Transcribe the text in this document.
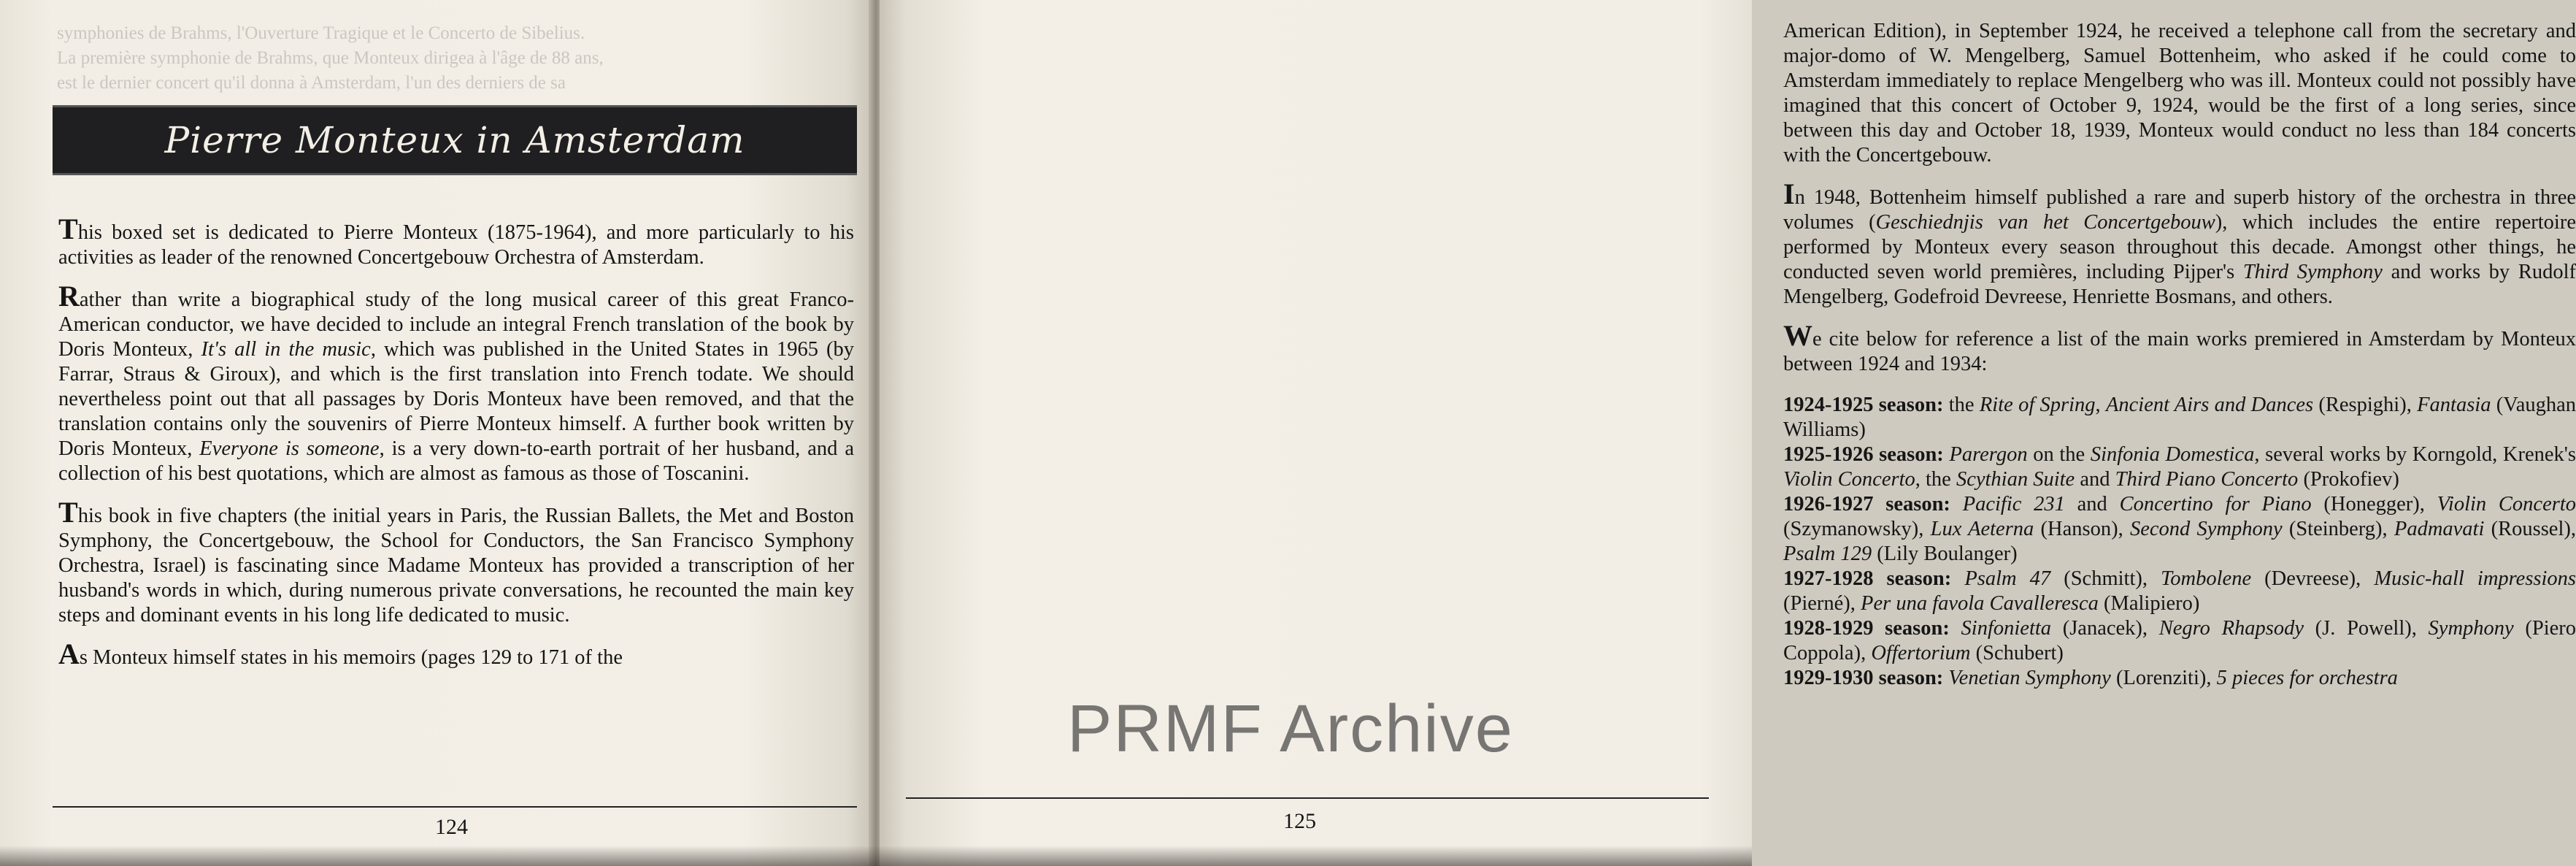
symphonies de Brahms, l'Ouverture Tragique et le Concerto de Sibelius.
La première symphonie de Brahms, que Monteux dirigea à l'âge de 88 ans,
est le dernier concert qu'il donna à Amsterdam, l'un des derniers de sa
Pierre Monteux in Amsterdam

This boxed set is dedicated to Pierre Monteux (1875-1964), and more particularly to his activities as leader of the renowned Concertgebouw Orchestra of Amsterdam.

Rather than write a biographical study of the long musical career of this great Franco-American conductor, we have decided to include an integral French translation of the book by Doris Monteux, It's all in the music, which was published in the United States in 1965 (by Farrar, Straus & Giroux), and which is the first translation into French todate. We should nevertheless point out that all passages by Doris Monteux have been removed, and that the translation contains only the souvenirs of Pierre Monteux himself. A further book written by Doris Monteux, Everyone is someone, is a very down-to-earth portrait of her husband, and a collection of his best quotations, which are almost as famous as those of Toscanini.

This book in five chapters (the initial years in Paris, the Russian Ballets, the Met and Boston Symphony, the Concertgebouw, the School for Conductors, the San Francisco Symphony Orchestra, Israel) is fascinating since Madame Monteux has provided a transcription of her husband's words in which, during numerous private conversations, he recounted the main key steps and dominant events in his long life dedicated to music.

As Monteux himself states in his memoirs (pages 129 to 171 of the

124

American Edition), in September 1924, he received a telephone call from the secretary and major-domo of W. Mengelberg, Samuel Bottenheim, who asked if he could come to Amsterdam immediately to replace Mengelberg who was ill. Monteux could not possibly have imagined that this concert of October 9, 1924, would be the first of a long series, since between this day and October 18, 1939, Monteux would conduct no less than 184 concerts with the Concertgebouw.

In 1948, Bottenheim himself published a rare and superb history of the orchestra in three volumes (Geschiednjis van het Concertgebouw), which includes the entire repertoire performed by Monteux every season throughout this decade. Amongst other things, he conducted seven world premières, including Pijper's Third Symphony and works by Rudolf Mengelberg, Godefroid Devreese, Henriette Bosmans, and others.

We cite below for reference a list of the main works premiered in Amsterdam by Monteux between 1924 and 1934:

1924-1925 season: the Rite of Spring, Ancient Airs and Dances (Respighi), Fantasia (Vaughan Williams)

1925-1926 season: Parergon on the Sinfonia Domestica, several works by Korngold, Krenek's Violin Concerto, the Scythian Suite and Third Piano Concerto (Prokofiev)

1926-1927 season: Pacific 231 and Concertino for Piano (Honegger), Violin Concerto (Szymanowsky), Lux Aeterna (Hanson), Second Symphony (Steinberg), Padmavati (Roussel), Psalm 129 (Lily Boulanger)

1927-1928 season: Psalm 47 (Schmitt), Tombolene (Devreese), Music-hall impressions (Pierné), Per una favola Cavalleresca (Malipiero)

1928-1929 season: Sinfonietta (Janacek), Negro Rhapsody (J. Powell), Symphony (Piero Coppola), Offertorium (Schubert)

1929-1930 season: Venetian Symphony (Lorenziti), 5 pieces for orchestra

125
PRMF Archive
